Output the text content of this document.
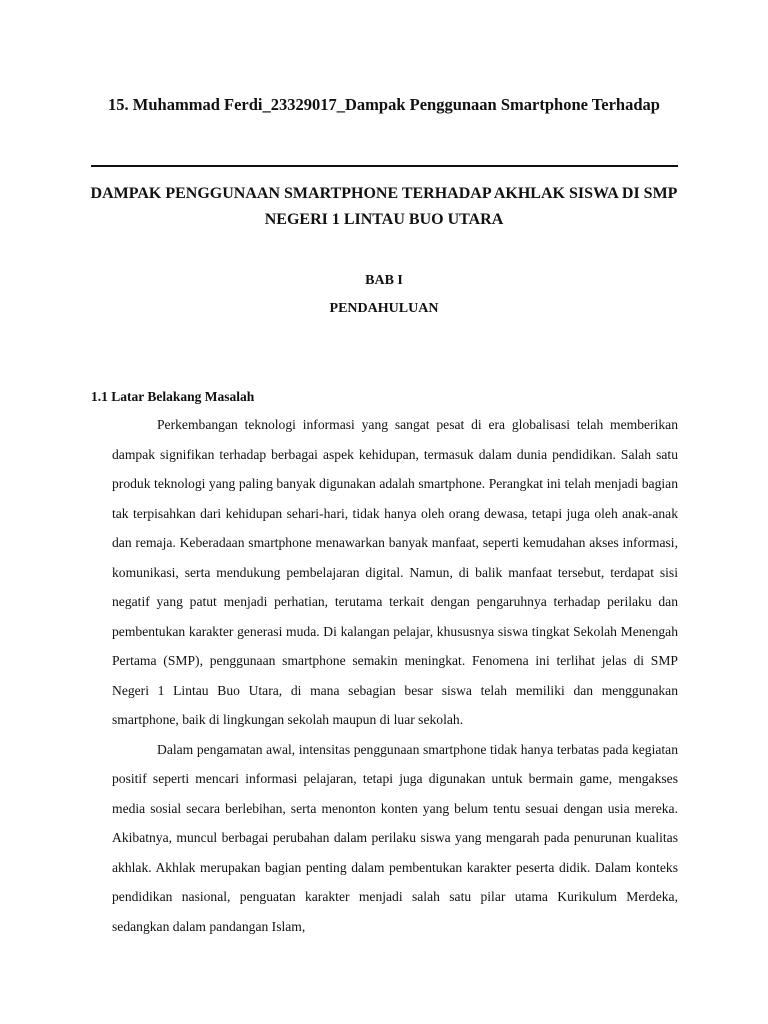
15. Muhammad Ferdi_23329017_Dampak Penggunaan Smartphone Terhadap
DAMPAK PENGGUNAAN SMARTPHONE TERHADAP AKHLAK SISWA DI SMP NEGERI 1 LINTAU BUO UTARA
BAB I
PENDAHULUAN
1.1 Latar Belakang Masalah

Perkembangan teknologi informasi yang sangat pesat di era globalisasi telah memberikan dampak signifikan terhadap berbagai aspek kehidupan, termasuk dalam dunia pendidikan. Salah satu produk teknologi yang paling banyak digunakan adalah smartphone. Perangkat ini telah menjadi bagian tak terpisahkan dari kehidupan sehari-hari, tidak hanya oleh orang dewasa, tetapi juga oleh anak-anak dan remaja. Keberadaan smartphone menawarkan banyak manfaat, seperti kemudahan akses informasi, komunikasi, serta mendukung pembelajaran digital. Namun, di balik manfaat tersebut, terdapat sisi negatif yang patut menjadi perhatian, terutama terkait dengan pengaruhnya terhadap perilaku dan pembentukan karakter generasi muda. Di kalangan pelajar, khususnya siswa tingkat Sekolah Menengah Pertama (SMP), penggunaan smartphone semakin meningkat. Fenomena ini terlihat jelas di SMP Negeri 1 Lintau Buo Utara, di mana sebagian besar siswa telah memiliki dan menggunakan smartphone, baik di lingkungan sekolah maupun di luar sekolah.

Dalam pengamatan awal, intensitas penggunaan smartphone tidak hanya terbatas pada kegiatan positif seperti mencari informasi pelajaran, tetapi juga digunakan untuk bermain game, mengakses media sosial secara berlebihan, serta menonton konten yang belum tentu sesuai dengan usia mereka. Akibatnya, muncul berbagai perubahan dalam perilaku siswa yang mengarah pada penurunan kualitas akhlak. Akhlak merupakan bagian penting dalam pembentukan karakter peserta didik. Dalam konteks pendidikan nasional, penguatan karakter menjadi salah satu pilar utama Kurikulum Merdeka, sedangkan dalam pandangan Islam,
